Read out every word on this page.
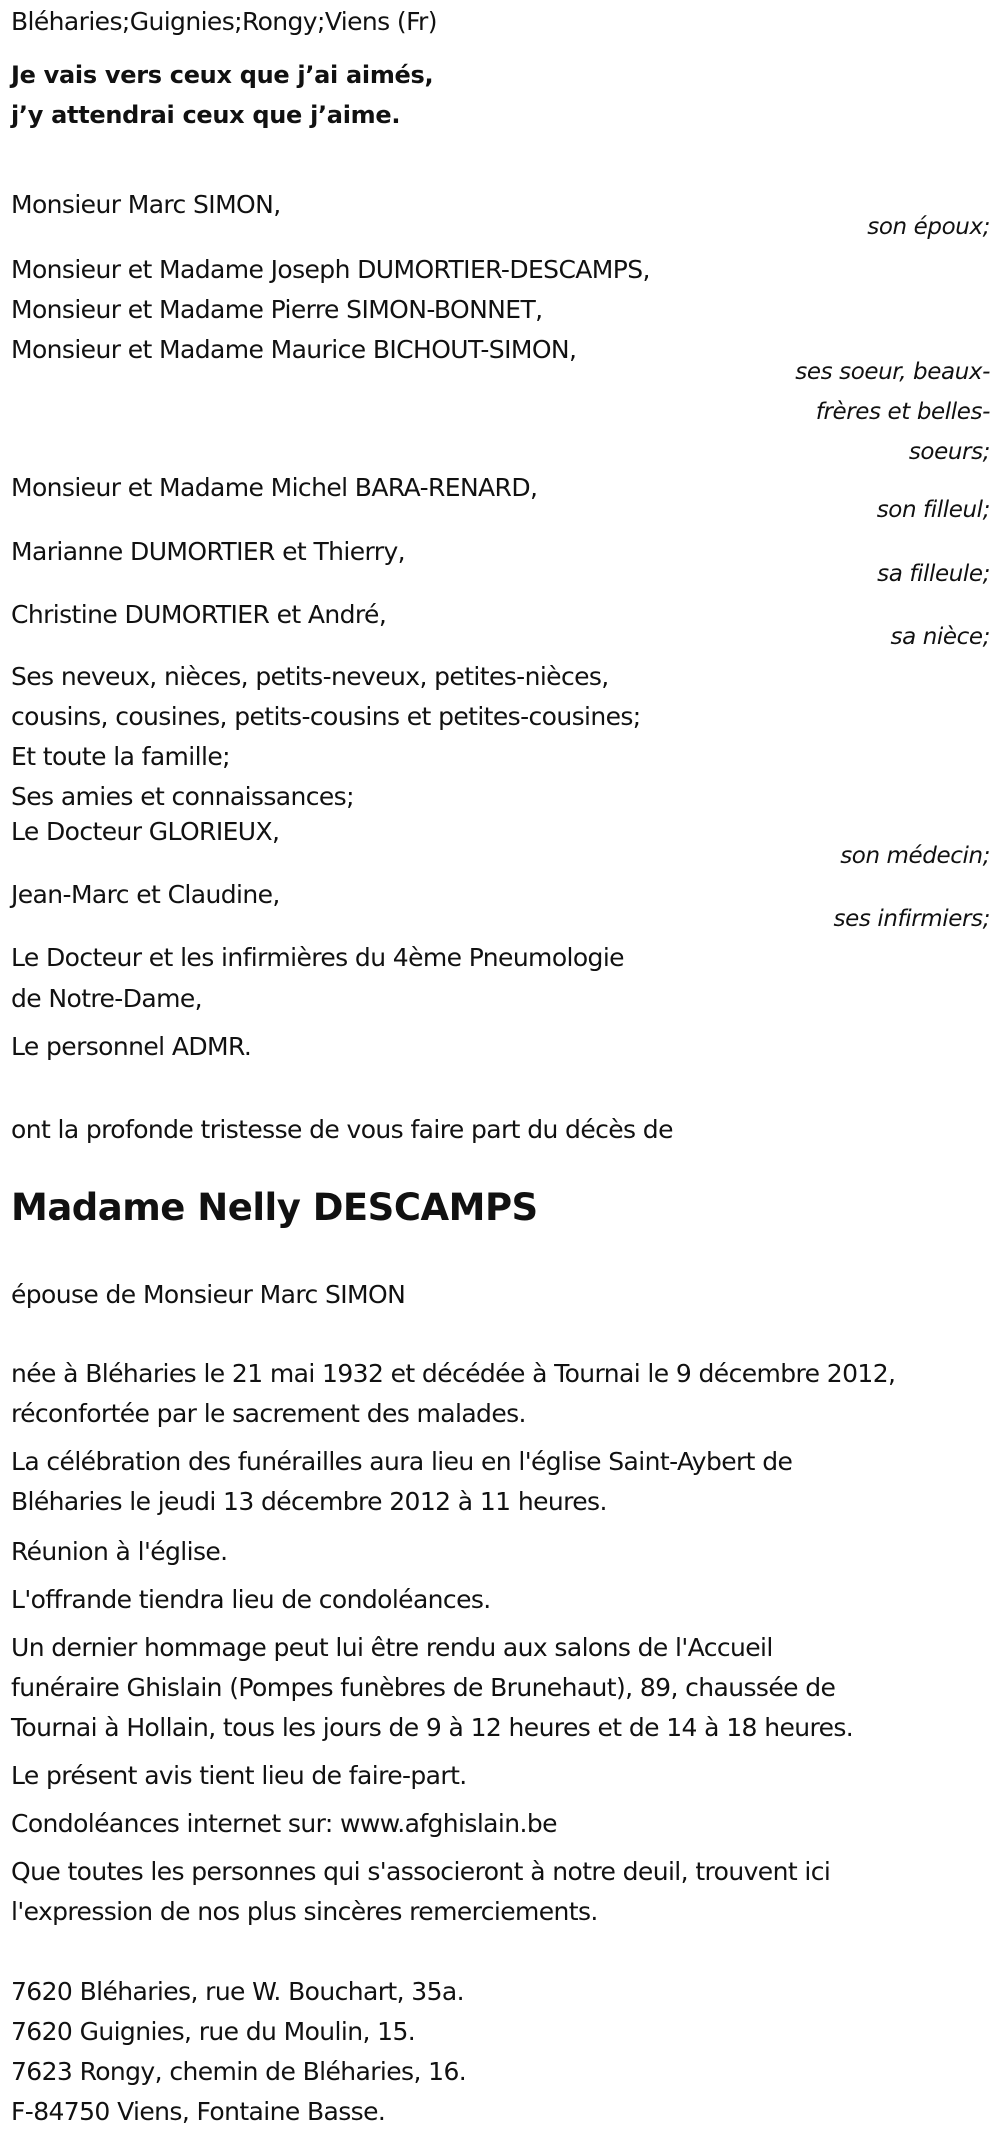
Bléharies;Guignies;Rongy;Viens (Fr)
Je vais vers ceux que j’ai aimés,
j’y attendrai ceux que j’aime.
Monsieur Marc SIMON,
son époux;
Monsieur et Madame Joseph DUMORTIER-DESCAMPS,
Monsieur et Madame Pierre SIMON-BONNET,
Monsieur et Madame Maurice BICHOUT-SIMON,
ses soeur, beaux-
frères et belles-
soeurs;
Monsieur et Madame Michel BARA-RENARD,
son filleul;
Marianne DUMORTIER et Thierry,
sa filleule;
Christine DUMORTIER et André,
sa nièce;
Ses neveux, nièces, petits-neveux, petites-nièces,
cousins, cousines, petits-cousins et petites-cousines;
Et toute la famille;
Ses amies et connaissances;
Le Docteur GLORIEUX,
son médecin;
Jean-Marc et Claudine,
ses infirmiers;
Le Docteur et les infirmières du 4ème Pneumologie
de Notre-Dame,
Le personnel ADMR.
ont la profonde tristesse de vous faire part du décès de
Madame Nelly DESCAMPS
épouse de Monsieur Marc SIMON
née à Bléharies le 21 mai 1932 et décédée à Tournai le 9 décembre 2012,
réconfortée par le sacrement des malades.
La célébration des funérailles aura lieu en l'église Saint-Aybert de
Bléharies le jeudi 13 décembre 2012 à 11 heures.
Réunion à l'église.
L'offrande tiendra lieu de condoléances.
Un dernier hommage peut lui être rendu aux salons de l'Accueil
funéraire Ghislain (Pompes funèbres de Brunehaut), 89, chaussée de
Tournai à Hollain, tous les jours de 9 à 12 heures et de 14 à 18 heures.
Le présent avis tient lieu de faire-part.
Condoléances internet sur: www.afghislain.be
Que toutes les personnes qui s'associeront à notre deuil, trouvent ici
l'expression de nos plus sincères remerciements.
7620 Bléharies, rue W. Bouchart, 35a.
7620 Guignies, rue du Moulin, 15.
7623 Rongy, chemin de Bléharies, 16.
F-84750 Viens, Fontaine Basse.
